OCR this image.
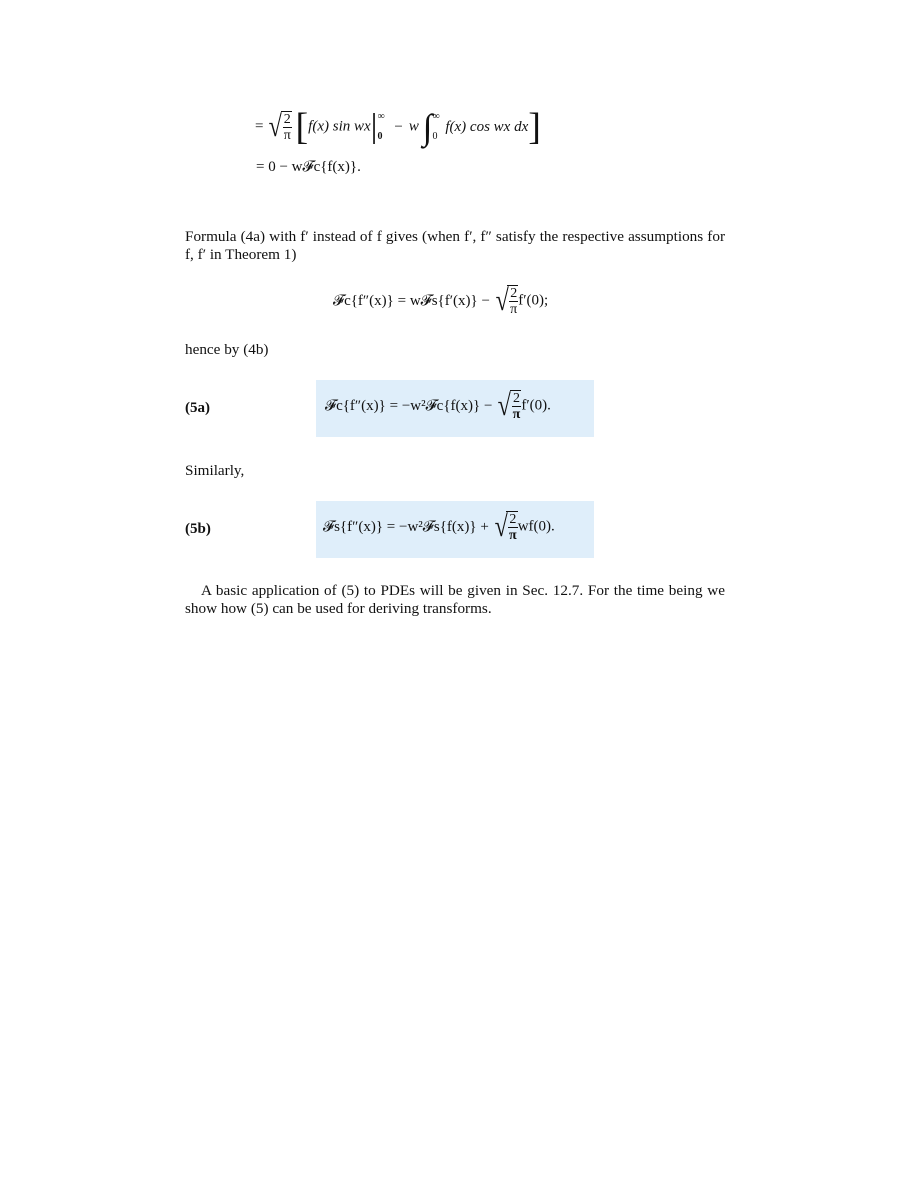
= √ $\frac{2}{\pi} [f(x)$ sin wx| ∞
0
− w ∫ ∞
0
f(x) cos wx dx]
= 0 − w𝓕c{f(x)}.
Formula (4a) with f′ instead of f gives (when f′, f″ satisfy the respective assumptions for f, f′ in Theorem 1)
𝓕c{f″(x)} = w𝓕s{f′(x)} − √ $\frac{2}{\pi} f'(0)$;
hence by (4b)
(5a)	𝓕c{f″(x)} = −w²𝓕c{f(x)} − √ $\frac{2}{\pi} f'(0)$.
Similarly,
(5b)	𝓕s{f″(x)} = −w²𝓕s{f(x)} + √ $\frac{2}{\pi} wf(0)$.
A basic application of (5) to PDEs will be given in Sec. 12.7. For the time being we show how (5) can be used for deriving transforms.
